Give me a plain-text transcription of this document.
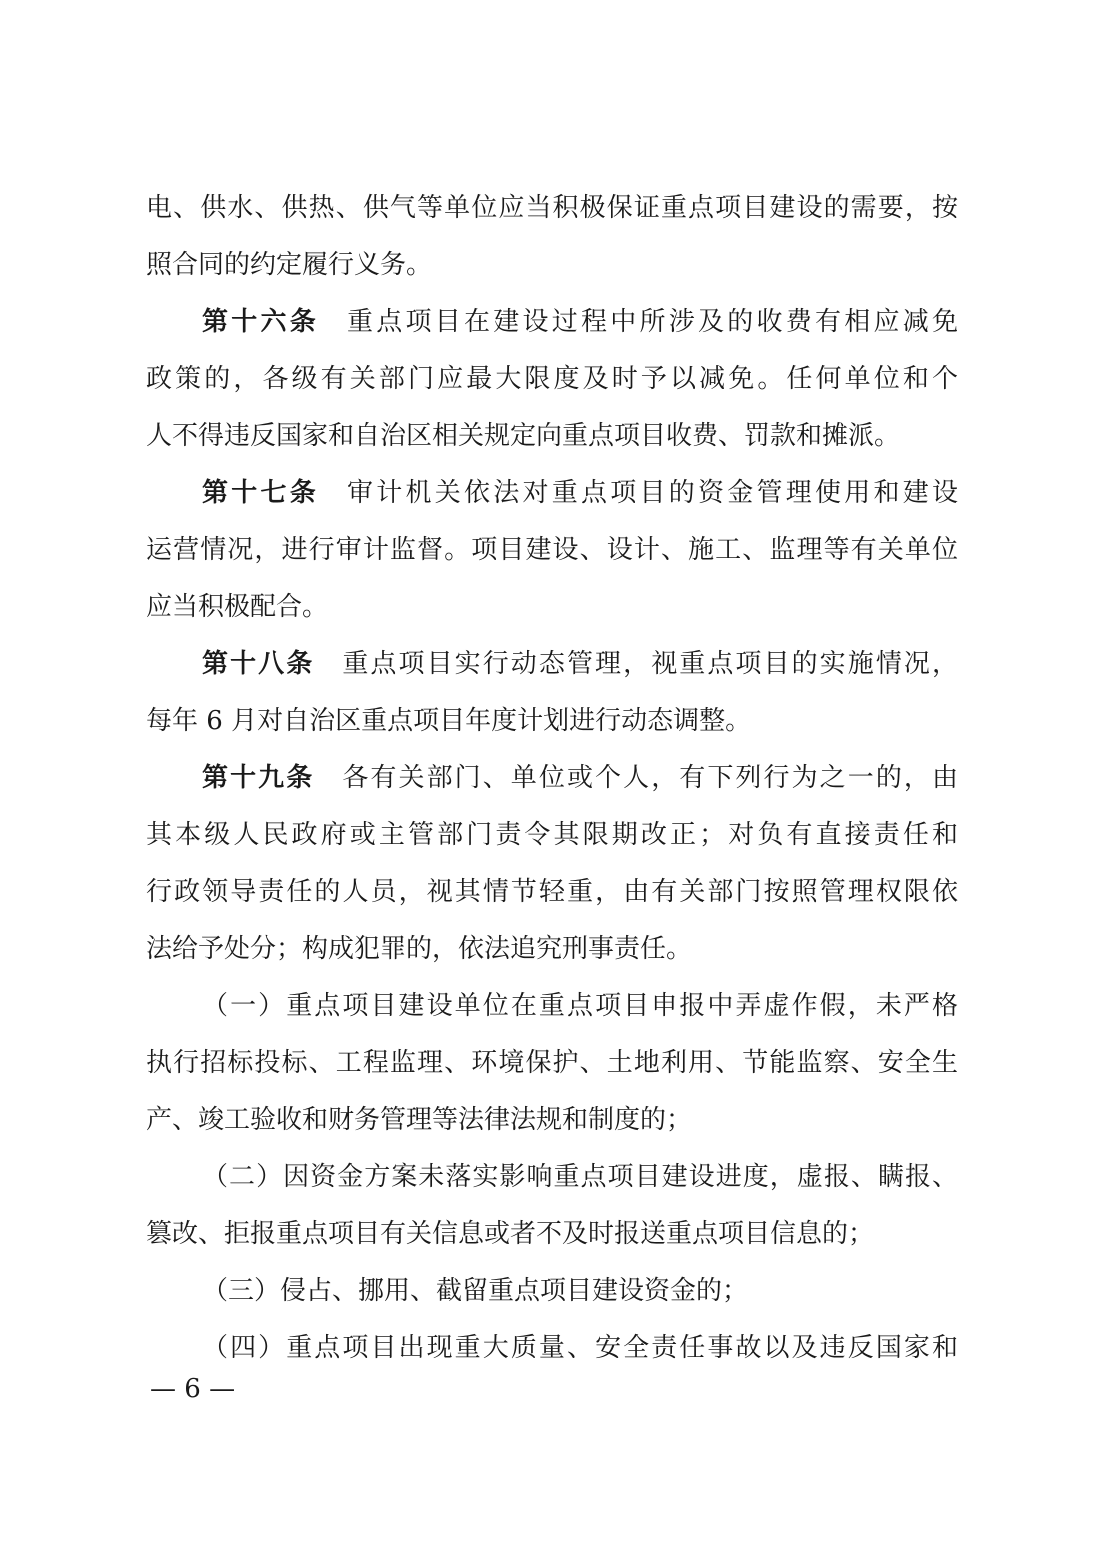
电、供水、供热、供气等单位应当积极保证重点项目建设的需要，按
照合同的约定履行义务。
第十六条 重点项目在建设过程中所涉及的收费有相应减免
政策的，各级有关部门应最大限度及时予以减免。任何单位和个
人不得违反国家和自治区相关规定向重点项目收费、罚款和摊派。
第十七条 审计机关依法对重点项目的资金管理使用和建设
运营情况，进行审计监督。项目建设、设计、施工、监理等有关单位
应当积极配合。
第十八条 重点项目实行动态管理，视重点项目的实施情况，
每年 6 月对自治区重点项目年度计划进行动态调整。
第十九条 各有关部门、单位或个人，有下列行为之一的，由
其本级人民政府或主管部门责令其限期改正；对负有直接责任和
行政领导责任的人员，视其情节轻重，由有关部门按照管理权限依
法给予处分；构成犯罪的，依法追究刑事责任。
（一）重点项目建设单位在重点项目申报中弄虚作假，未严格
执行招标投标、工程监理、环境保护、土地利用、节能监察、安全生
产、竣工验收和财务管理等法律法规和制度的；
（二）因资金方案未落实影响重点项目建设进度，虚报、瞒报、
篡改、拒报重点项目有关信息或者不及时报送重点项目信息的；
（三）侵占、挪用、截留重点项目建设资金的；
（四）重点项目出现重大质量、安全责任事故以及违反国家和
— 6 —
